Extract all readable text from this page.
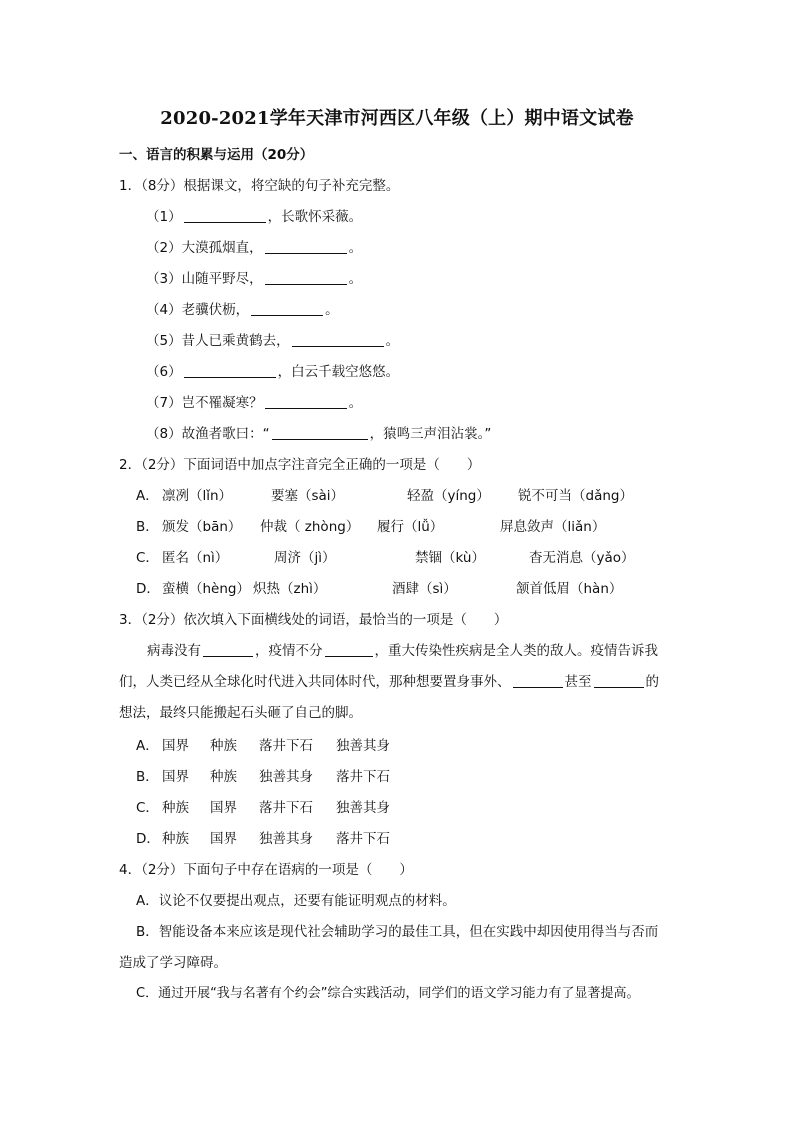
2020-2021学年天津市河西区八年级（上）期中语文试卷
一、语言的积累与运用（20分）
1．（8分）根据课文，将空缺的句子补充完整。
（1）	，长歌怀采薇。
（2）大漠孤烟直，	。
（3）山随平野尽，	。
（4）老骥伏枥，	。
（5）昔人已乘黄鹤去，	。
（6）	，白云千载空悠悠。
（7）岂不罹凝寒？	。
（8）故渔者歌曰：“	，猿鸣三声泪沾裳。”
2．（2分）下面词语中加点字注音完全正确的一项是（　　）
A． 凛冽（lǐn）	要塞（sài）	轻盈（yíng） 锐不可当（dǎng）
B． 颁发（bān） 仲裁（ zhòng） 履行（lǚ）	屏息敛声（liǎn）
C． 匿名（nì）	周济（jì）	禁锢（kù）	杳无消息（yǎo）
D． 蛮横（hèng） 炽热（zhì）	酒肆（sì）	颔首低眉（hàn）
3．（2分）依次填入下面横线处的词语，最恰当的一项是（　　）
病毒没有	，疫情不分	，重大传染性疾病是全人类的敌人。疫情告诉我
们，人类已经从全球化时代进入共同体时代，那种想要置身事外、	甚至	的
想法，最终只能搬起石头砸了自己的脚。
A． 国界 种族 落井下石 独善其身
B． 国界 种族 独善其身 落井下石
C． 种族 国界 落井下石 独善其身
D． 种族 国界 独善其身 落井下石
4．（2分）下面句子中存在语病的一项是（　　）
A．议论不仅要提出观点，还要有能证明观点的材料。
B．智能设备本来应该是现代社会辅助学习的最佳工具，但在实践中却因使用得当与否而
造成了学习障碍。
C．通过开展“我与名著有个约会”综合实践活动，同学们的语文学习能力有了显著提高。
